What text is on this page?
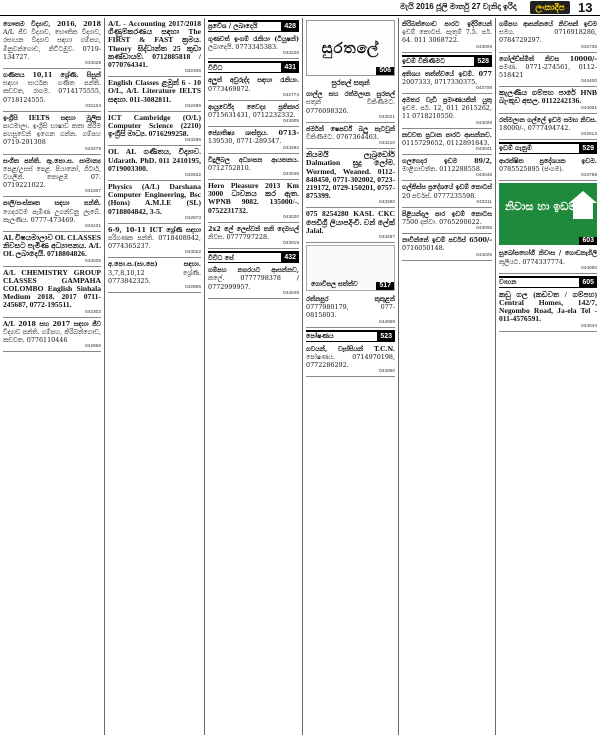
මැයි 2016 ජූලි මාර්තු 27 වැනිදා ඉරිදා	ලංකාදීප	13
ගෞතම විද්‍යාව, 2016, 2018 A/L ජීව විද්‍යාව, භෞතික විද්‍යාව, රසායන විද්‍යාව සඳහා ගම්පහ, මිනුවන්ගොඩ, නිට්ටඹුව. 0719-134727.
043029
ගණිතය 10,11 ශ්‍රේණි. සිසුන් සඳහා සාර්ථක ගණිත පන්ති. කඩවත, රාගම. 0714175555, 0718124555.
031104
ඉංග්‍රීසි IELTS සඳහා මූලික පාඨමාලා. ඉංග්‍රීසි භාෂාව කතා කිරීම පහසුවෙන් ඉගෙන ගන්න. ගම්පහ 0719-291308
043279
සංගීත පන්ති. ඇ.පො.ස. සාමාන්‍ය පෙළ/උසස් පෙළ. පියානෝ, ගිටාර්, වයලීන්. කොළඹ 07. 0719221022.
041807
පාලි/සංස්කෘත සඳහා පන්ති. ගෙදරටම පැමිණ උගන්වනු ලැබේ. කැලණිය. 0777-473469.
043101
AL විෂයමාලාව OL CLASSES නිවසට පැමිණ අධ්‍යාපනය. A/L OL ලබාදෙයි. 0718804826.
043026
A/L CHEMISTRY GROUP CLASSES GAMPAHA COLOMBO English Sinhala Medium 2018. 2017 0711-245687, 0772-195511.
043303
A/L 2018 සහ 2017 සඳහා ජීව විද්‍යාව පන්ති. ගම්පහ, කිරිබත්ගොඩ, කඩවත. 0776110446
042966
A/L - Accounting 2017/2018 ගිණුම්කරණය සඳහා The FIRST & FAST ක්‍රමය. Theory සිද්ධාන්ත 25 කුඩා කණ්ඩායම්. 0712885818 / 0770764341.
032406
English Classes ළමුන් 6 - 10 O/L, A/L Literature IELTS සඳහා. 011-3082811.
042286
ICT Cambridge (O/L) Computer Science (2210) ඉංග්‍රීසි මාධ්‍ය. 0716299258.
043286
OL AL ගණිතය, විද්‍යාව. Udarath. PhD. 011 2410195, 0719003300.
042632
Physics (A/L) Darshana Computer Engineering, Bsc (Hons) A.M.I.E (SL) 0718804842, 3-5.
042973
6-9, 10-11 ICT ශ්‍රේණි සඳහා පරිගණක පන්ති. 0718408942, 0774365237.
043022
අ.පො.ස.(සා.පෙ) සඳහා. 3,7,8,10,12 ශ්‍රේණි. 0773842325.
042965
ප්‍රවේශ / ලබාදෙයි	428
ගුණවත් ඉංගම් රැකියා (ටියුෂන්) ලබාදෙයි. 0773345383.
043226
විවිධ	431
අලුත් අවුරුද්ද සඳහා රැකියා. 0773469872.
042774
ආයුර්වේද වෛද්‍ය ප්‍රතිකාර 0715631431, 0712232332.
043005
ජ්‍යොතිෂ්‍ය ශාස්ත්‍රය. 0713-139530, 0771-289347.
043282
විදුලිබල අධ්‍යාපන ආයතනය. 0712752810.
043046
Hero Pleasure 2013 Km 3000 ධාවනය කර ඇත. WPNB 9082. 135000/-. 0752231732.
043020
2x2 ලේ ලෙස්වන් තනි දෙමහල් නිවස. 0777797228.
043019
විවිධ සේ	432
ගම්පහ නගරයට ආසන්නව, කලේ. 0777798378 / 0772999957.
044049
සුරතලේ
506
සුරතල් සතුන්
ගාල්ල සහ රත්මලාන සුරතල් සතුන් විකිණීමට. 0776098326.
043021
ජර්මන් ෂෙපර්ඩ් බලු පැටවුන් විකිණීමට. 0767364463.
043210
නියමයි ලැබ්‍රඩෝර් Dalmation සුදු ලෝම. Wormed, Weaned. 0112-848450, 0771-302002, 0723-219172, 0729-150201, 0757-875399.
043290
075 8254280 KASL CKC පෙඩිග්‍රී ලියාපදිංචි. වන් ලේක් Jalal.
043297
ගොවිපල සත්ත්ව	517
රත්නපුර කුකුළන් 0777980179, 077-0815803.
044059
පෝෂණය	523
ගවයන්, වැස්සියන් T.C.N. පෝෂණය. 0714970198, 0772286292.
044050
කිරිබත්ගොඩ පාරට ඉදිරියෙන් ඉඩම් කොටස්. පැතුම් 7.5. පර්. 64. 011 3068722.
043009
ඉඩම් විකිණීමට	528
අතිශය තත්ත්වයේ ඉඩම්. 077 2007333, 0717330375.
043708
අමතර වැඩි ප්‍රමාණයකින් යුතු ඉඩම. පර්. 12, 011 2615262, 11 0718210550.
043028
කඩවත ප්‍රධාන පාරට ආසන්නව. 0115729652, 0112891843.
043041
ගලගෙදර ඉඩම 89/2, මාළිගාවත්ත. 0112288558.
043045
ගල්කිස්ස ප්‍රදේශයේ ඉඩම් කොටස් 20 පර්චස්. 0777235598.
043211
පිළියන්දල පාර ඉඩම් කොටස 7500 දක්වා. 0765290622.
043008
නාවින්නේ ඉඩම් පර්චස් 6500/- 0716050148.
044025
ගම්පහ ආසන්නයේ නිවසක් ඉඩම සමග. 0716918286, 0784729297.
042735
ගෝල්ඩ්ස්මිත් නිවස 10000/- පමණ. 0771-274561, 0112-518421
044400
කැලණිය ගම්පහ පාරේ HNB බැංකුව අසල. 0112242136.
044001
රත්මලාන ගල්ලේ ඉඩම සමඟ නිවස. 18000/-, 0777494742.
042813
ඉඩම් ගැනුම්	529
ආරක්ෂිත ප්‍රදේශයක ඉඩම. 0785525895 (ජංගම).
043788
නිවාස හා ඉඩම්
603
සුඛෝපභෝගී නිවාස / ගොඩනැගිලි කුලියට. 0774337774.
044060
වාහන	605
කඩු ගල (කඩවත / ගම්පහ) Central Homes, 142/7, Negombo Road, Ja-ela Tel - 011-4576591.
044044
